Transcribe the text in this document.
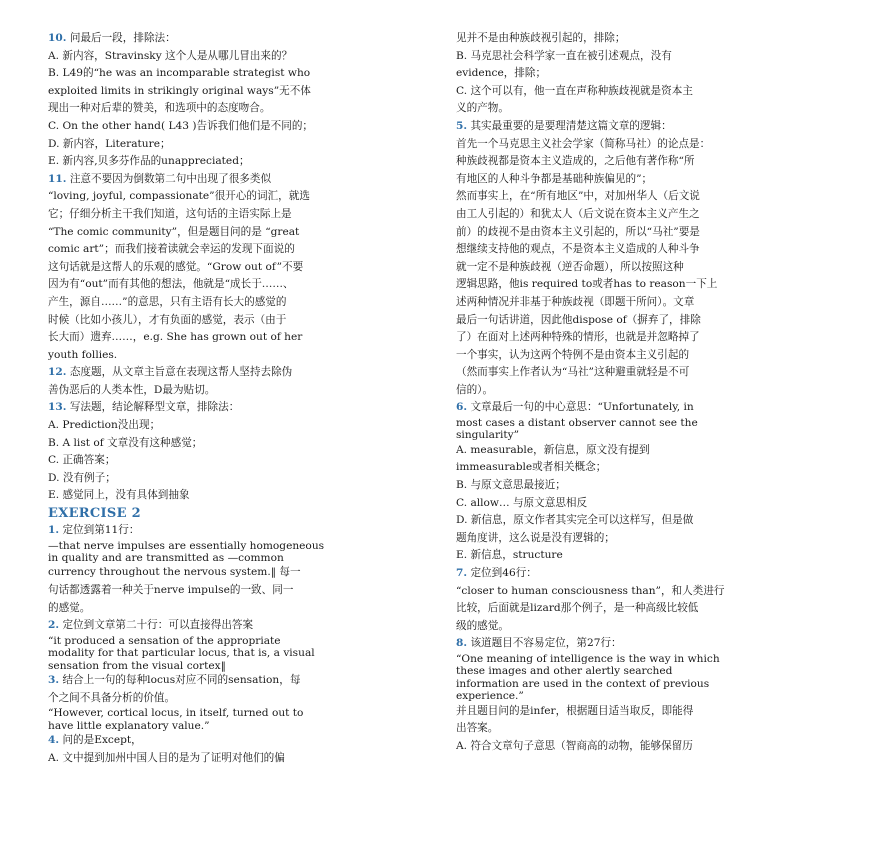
10. 问最后一段，排除法：
A. 新内容，Stravinsky 这个人是从哪儿冒出来的？
B. L49的“he was an incomparable strategist who
exploited limits in strikingly original ways”无不体
现出一种对后辈的赞美，和选项中的态度吻合。
C. On the other hand( L43 )告诉我们他们是不同的；
D. 新内容，Literature；
E. 新内容,贝多芬作品的unappreciated；
11. 注意不要因为倒数第二句中出现了很多类似
“loving, joyful, compassionate”很开心的词汇，就选
它；仔细分析主干我们知道，这句话的主语实际上是
“The comic community”，但是题目问的是 “great
comic art”；而我们接着读就会幸运的发现下面说的
这句话就是这帮人的乐观的感觉。“Grow out of”不要
因为有“out”而有其他的想法，他就是“成长于……、
产生，源自……”的意思，只有主语有长大的感觉的
时候（比如小孩儿），才有负面的感觉，表示（由于
长大而）遗弃……，e.g. She has grown out of her
youth follies.
12. 态度题，从文章主旨意在表现这帮人坚持去除伪
善伪恶后的人类本性，D最为贴切。
13. 写法题，结论解释型文章，排除法：
A. Prediction没出现；
B. A list of 文章没有这种感觉；
C. 正确答案；
D. 没有例子；
E. 感觉同上，没有具体到抽象
EXERCISE 2
1. 定位到第11行：
—that nerve impulses are essentially homogeneous
in quality and are transmitted as —common
currency throughout the nervous system.‖ 每一
句话都透露着一种关于nerve impulse的一致、同一
的感觉。
2. 定位到文章第二十行：可以直接得出答案
“it produced a sensation of the appropriate
modality for that particular locus, that is, a visual
sensation from the visual cortex‖
3. 结合上一句的每种locus对应不同的sensation，每
个之间不具备分析的价值。
“However, cortical locus, in itself, turned out to
have little explanatory value.”
4. 问的是Except，
A. 文中提到加州中国人目的是为了证明对他们的偏
见并不是由种族歧视引起的，排除；
B. 马克思社会科学家一直在被引述观点，没有
evidence，排除；
C. 这个可以有，他一直在声称种族歧视就是资本主
义的产物。
5. 其实最重要的是要理清楚这篇文章的逻辑：
首先一个马克思主义社会学家（简称马社）的论点是：
种族歧视都是资本主义造成的，之后他有著作称“所
有地区的人种斗争都是基础种族偏见的”；
然而事实上，在“所有地区”中，对加州华人（后文说
由工人引起的）和犹太人（后文说在资本主义产生之
前）的歧视不是由资本主义引起的，所以“马社”要是
想继续支持他的观点，不是资本主义造成的人种斗争
就一定不是种族歧视（逆否命题），所以按照这种
逻辑思路，他is required to或者has to reason一下上
述两种情况并非基于种族歧视（即题干所问）。文章
最后一句话讲道，因此他dispose of（摒弃了，排除
了）在面对上述两种特殊的情形，也就是并忽略掉了
一个事实，认为这两个特例不是由资本主义引起的
（然而事实上作者认为“马社”这种避重就轻是不可
信的）。
6. 文章最后一句的中心意思：“Unfortunately, in
most cases a distant observer cannot see the
singularity”
A. measurable，新信息，原文没有提到
immeasurable或者相关概念；
B. 与原文意思最接近；
C. allow… 与原文意思相反
D. 新信息，原文作者其实完全可以这样写，但是做
题角度讲，这么说是没有逻辑的；
E. 新信息，structure
7. 定位到46行：
“closer to human consciousness than”，和人类进行
比较，后面就是lizard那个例子，是一种高级比较低
级的感觉。
8. 该道题目不容易定位，第27行：
“One meaning of intelligence is the way in which
these images and other alertly searched
information are used in the context of previous
experience.”
并且题目问的是infer，根据题目适当取反，即能得
出答案。
A. 符合文章句子意思（智商高的动物，能够保留历
